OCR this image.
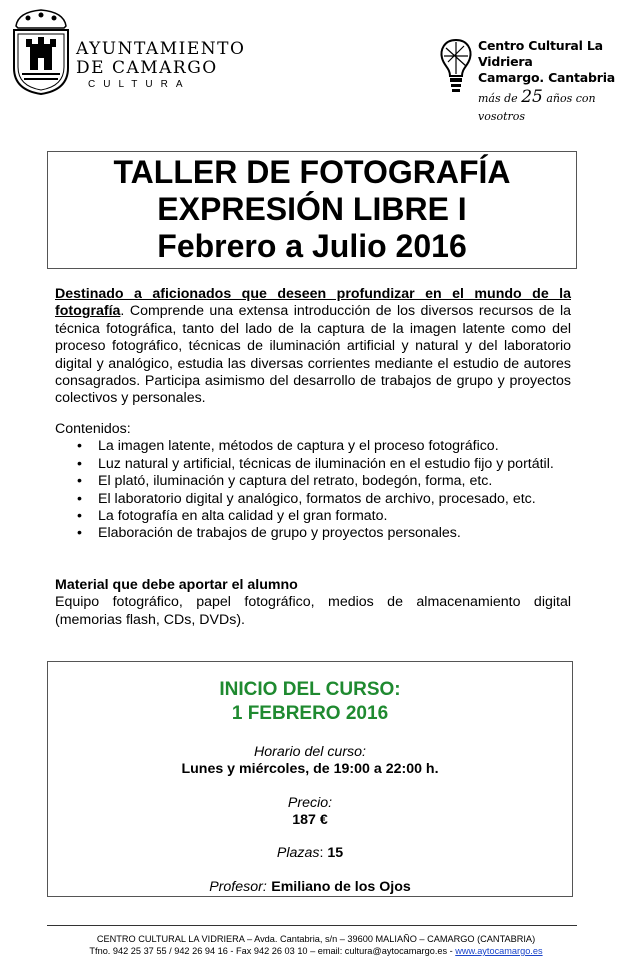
AYUNTAMIENTO
DE CAMARGO
CULTURA
Centro Cultural La Vidriera
Camargo. Cantabria
más de 25 años con vosotros
TALLER DE FOTOGRAFÍA
EXPRESIÓN LIBRE I
Febrero a Julio 2016
Destinado a aficionados que deseen profundizar en el mundo de la fotografía. Comprende una extensa introducción de los diversos recursos de la técnica fotográfica, tanto del lado de la captura de la imagen latente como del proceso fotográfico, técnicas de iluminación artificial y natural y del laboratorio digital y analógico, estudia las diversas corrientes mediante el estudio de autores consagrados. Participa asimismo del desarrollo de trabajos de grupo y proyectos colectivos y personales.
Contenidos:
• La imagen latente, métodos de captura y el proceso fotográfico.
• Luz natural y artificial, técnicas de iluminación en el estudio fijo y portátil.
• El plató, iluminación y captura del retrato, bodegón, forma, etc.
• El laboratorio digital y analógico, formatos de archivo, procesado, etc.
• La fotografía en alta calidad y el gran formato.
• Elaboración de trabajos de grupo y proyectos personales.
Material que debe aportar el alumno
Equipo fotográfico, papel fotográfico, medios de almacenamiento digital (memorias flash, CDs, DVDs).
INICIO DEL CURSO:
1 FEBRERO 2016
Horario del curso:
Lunes y miércoles, de 19:00 a 22:00 h.
Precio:
187 €
Plazas: 15
Profesor: Emiliano de los Ojos
CENTRO CULTURAL LA VIDRIERA – Avda. Cantabria, s/n – 39600 MALIAÑO – CAMARGO (CANTABRIA)
Tfno. 942 25 37 55 / 942 26 94 16 - Fax 942 26 03 10 – email: cultura@aytocamargo.es - www.aytocamargo.es
